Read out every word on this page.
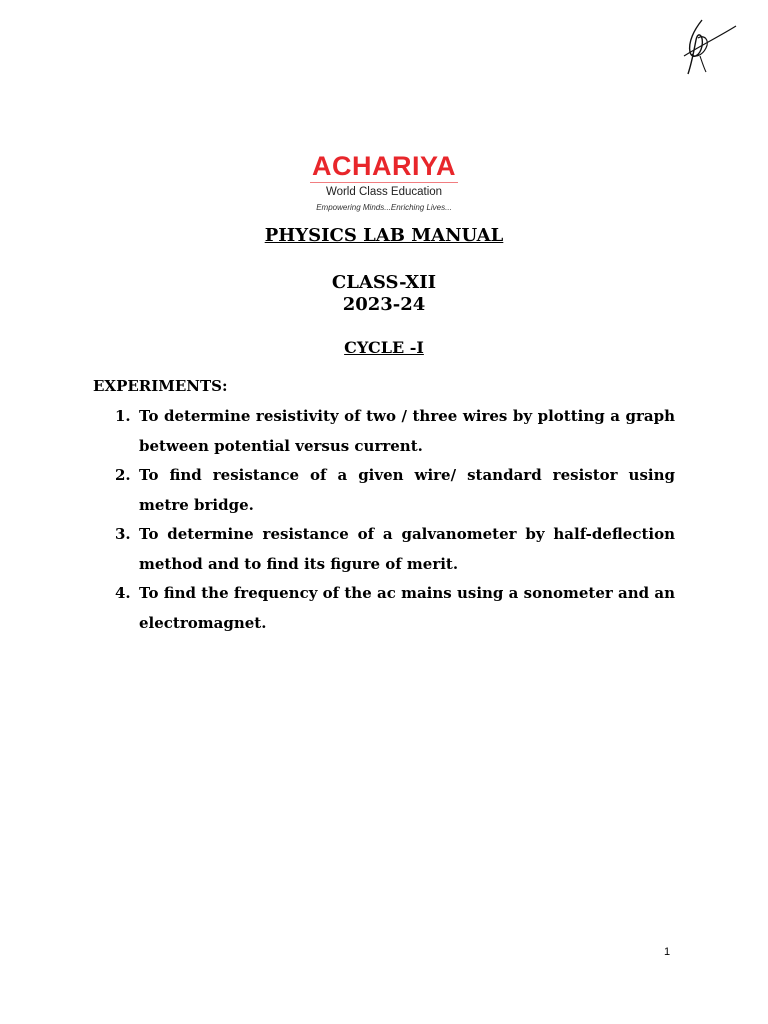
ACHARIYA
World Class Education
Empowering Minds...Enriching Lives...
PHYSICS LAB MANUAL
CLASS-XII
2023-24
CYCLE -I
EXPERIMENTS:
1. To determine resistivity of two / three wires by plotting a graph between potential versus current.
2. To find resistance of a given wire/ standard resistor using metre bridge.
3. To determine resistance of a galvanometer by half-deflection method and to find its figure of merit.
4. To find the frequency of the ac mains using a sonometer and an electromagnet.
1
